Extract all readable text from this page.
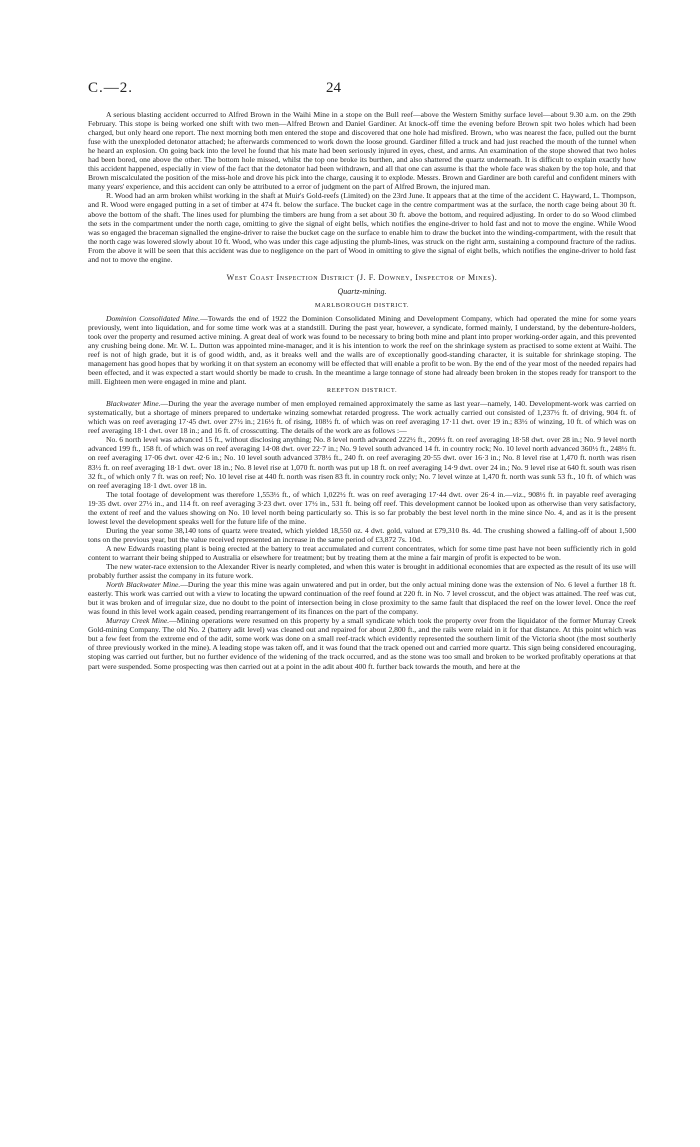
C.—2.	24

A serious blasting accident occurred to Alfred Brown in the Waihi Mine in a stope on the Bull reef—above the Western Smithy surface level—about 9.30 a.m. on the 29th February. This stope is being worked one shift with two men—Alfred Brown and Daniel Gardiner. At knock-off time the evening before Brown spit two holes which had been charged, but only heard one report. The next morning both men entered the stope and discovered that one hole had misfired. Brown, who was nearest the face, pulled out the burnt fuse with the unexploded detonator attached; he afterwards commenced to work down the loose ground. Gardiner filled a truck and had just reached the mouth of the tunnel when he heard an explosion. On going back into the level he found that his mate had been seriously injured in eyes, chest, and arms. An examination of the stope showed that two holes had been bored, one above the other. The bottom hole missed, whilst the top one broke its burthen, and also shattered the quartz underneath. It is difficult to explain exactly how this accident happened, especially in view of the fact that the detonator had been withdrawn, and all that one can assume is that the whole face was shaken by the top hole, and that Brown miscalculated the position of the miss-hole and drove his pick into the charge, causing it to explode. Messrs. Brown and Gardiner are both careful and confident miners with many years' experience, and this accident can only be attributed to a error of judgment on the part of Alfred Brown, the injured man.

R. Wood had an arm broken whilst working in the shaft at Muir's Gold-reefs (Limited) on the 23rd June. It appears that at the time of the accident C. Hayward, L. Thompson, and R. Wood were engaged putting in a set of timber at 474 ft. below the surface. The bucket cage in the centre compartment was at the surface, the north cage being about 30 ft. above the bottom of the shaft. The lines used for plumbing the timbers are hung from a set about 30 ft. above the bottom, and required adjusting. In order to do so Wood climbed the sets in the compartment under the north cage, omitting to give the signal of eight bells, which notifies the engine-driver to hold fast and not to move the engine. While Wood was so engaged the braceman signalled the engine-driver to raise the bucket cage on the surface to enable him to draw the bucket into the winding-compartment, with the result that the north cage was lowered slowly about 10 ft. Wood, who was under this cage adjusting the plumb-lines, was struck on the right arm, sustaining a compound fracture of the radius. From the above it will be seen that this accident was due to negligence on the part of Wood in omitting to give the signal of eight bells, which notifies the engine-driver to hold fast and not to move the engine.

West Coast Inspection District (J. F. Downey, Inspector of Mines).
Quartz-mining.
MARLBOROUGH DISTRICT.

Dominion Consolidated Mine.—Towards the end of 1922 the Dominion Consolidated Mining and Development Company, which had operated the mine for some years previously, went into liquidation, and for some time work was at a standstill. During the past year, however, a syndicate, formed mainly, I understand, by the debenture-holders, took over the property and resumed active mining. A great deal of work was found to be necessary to bring both mine and plant into proper working-order again, and this prevented any crushing being done. Mr. W. L. Dutton was appointed mine-manager, and it is his intention to work the reef on the shrinkage system as practised to some extent at Waihi. The reef is not of high grade, but it is of good width, and, as it breaks well and the walls are of exceptionally good-standing character, it is suitable for shrinkage stoping. The management has good hopes that by working it on that system an economy will be effected that will enable a profit to be won. By the end of the year most of the needed repairs had been effected, and it was expected a start would shortly be made to crush. In the meantime a large tonnage of stone had already been broken in the stopes ready for transport to the mill. Eighteen men were engaged in mine and plant.

REEFTON DISTRICT.

Blackwater Mine.—During the year the average number of men employed remained approximately the same as last year—namely, 140. Development-work was carried on systematically, but a shortage of miners prepared to undertake winzing somewhat retarded progress. The work actually carried out consisted of 1,237½ ft. of driving, 904 ft. of which was on reef averaging 17·45 dwt. over 27½ in.; 216½ ft. of rising, 108½ ft. of which was on reef averaging 17·11 dwt. over 19 in.; 83½ of winzing, 10 ft. of which was on reef averaging 18·1 dwt. over 18 in.; and 16 ft. of crosscutting. The details of the work are as follows :—

No. 6 north level was advanced 15 ft., without disclosing anything; No. 8 level north advanced 222½ ft., 209½ ft. on reef averaging 18·58 dwt. over 28 in.; No. 9 level north advanced 199 ft., 158 ft. of which was on reef averaging 14·08 dwt. over 22·7 in.; No. 9 level south advanced 14 ft. in country rock; No. 10 level north advanced 360½ ft., 248½ ft. on reef averaging 17·06 dwt. over 42·6 in.; No. 10 level south advanced 378½ ft., 240 ft. on reef averaging 20·55 dwt. over 16·3 in.; No. 8 level rise at 1,470 ft. north was risen 83½ ft. on reef averaging 18·1 dwt. over 18 in.; No. 8 level rise at 1,070 ft. north was put up 18 ft. on reef averaging 14·9 dwt. over 24 in.; No. 9 level rise at 640 ft. south was risen 32 ft., of which only 7 ft. was on reef; No. 10 level rise at 440 ft. north was risen 83 ft. in country rock only; No. 7 level winze at 1,470 ft. north was sunk 53 ft., 10 ft. of which was on reef averaging 18·1 dwt. over 18 in.

The total footage of development was therefore 1,553½ ft., of which 1,022½ ft. was on reef averaging 17·44 dwt. over 26·4 in.—viz., 908½ ft. in payable reef averaging 19·35 dwt. over 27½ in., and 114 ft. on reef averaging 3·23 dwt. over 17½ in., 531 ft. being off reef. This development cannot be looked upon as otherwise than very satisfactory, the extent of reef and the values showing on No. 10 level north being particularly so. This is so far probably the best level north in the mine since No. 4, and as it is the present lowest level the development speaks well for the future life of the mine.

During the year some 38,140 tons of quartz were treated, which yielded 18,550 oz. 4 dwt. gold, valued at £79,310 8s. 4d. The crushing showed a falling-off of about 1,500 tons on the previous year, but the value received represented an increase in the same period of £3,872 7s. 10d.

A new Edwards roasting plant is being erected at the battery to treat accumulated and current concentrates, which for some time past have not been sufficiently rich in gold content to warrant their being shipped to Australia or elsewhere for treatment; but by treating them at the mine a fair margin of profit is expected to be won.

The new water-race extension to the Alexander River is nearly completed, and when this water is brought in additional economies that are expected as the result of its use will probably further assist the company in its future work.

North Blackwater Mine.—During the year this mine was again unwatered and put in order, but the only actual mining done was the extension of No. 6 level a further 18 ft. easterly. This work was carried out with a view to locating the upward continuation of the reef found at 220 ft. in No. 7 level crosscut, and the object was attained. The reef was cut, but it was broken and of irregular size, due no doubt to the point of intersection being in close proximity to the same fault that displaced the reef on the lower level. Once the reef was found in this level work again ceased, pending rearrangement of its finances on the part of the company.

Murray Creek Mine.—Mining operations were resumed on this property by a small syndicate which took the property over from the liquidator of the former Murray Creek Gold-mining Company. The old No. 2 (battery adit level) was cleaned out and repaired for about 2,800 ft., and the rails were relaid in it for that distance. At this point which was but a few feet from the extreme end of the adit, some work was done on a small reef-track which evidently represented the southern limit of the Victoria shoot (the most southerly of three previously worked in the mine). A leading stope was taken off, and it was found that the track opened out and carried more quartz. This sign being considered encouraging, stoping was carried out further, but no further evidence of the widening of the track occurred, and as the stone was too small and broken to be worked profitably operations at that part were suspended. Some prospecting was then carried out at a point in the adit about 400 ft. further back towards the mouth, and here at the
